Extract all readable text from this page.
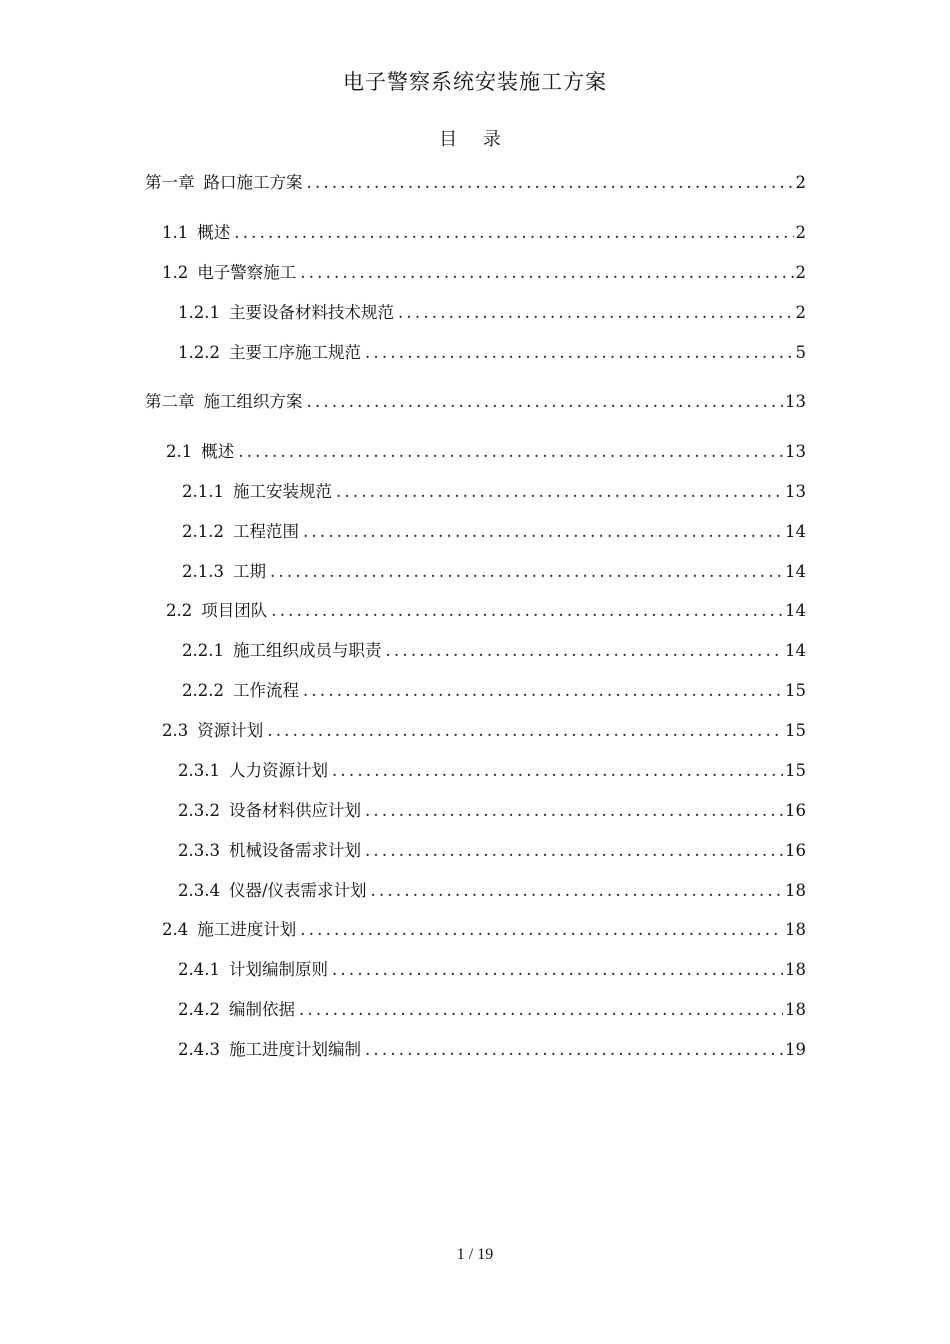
电子警察系统安装施工方案
目 录
第一章 路口施工方案 .....	2
1.1 概述 .....	2
1.2 电子警察施工 .....	2
1.2.1 主要设备材料技术规范 .....	2
1.2.2 主要工序施工规范 .....	5
第二章 施工组织方案 .....	13
2.1 概述 .....	13
2.1.1 施工安装规范 .....	13
2.1.2 工程范围 .....	14
2.1.3 工期 .....	14
2.2 项目团队 .....	14
2.2.1 施工组织成员与职责 .....	14
2.2.2 工作流程 .....	15
2.3 资源计划 .....	15
2.3.1 人力资源计划 .....	15
2.3.2 设备材料供应计划 .....	16
2.3.3 机械设备需求计划 .....	16
2.3.4 仪器/仪表需求计划 .....	18
2.4 施工进度计划 .....	18
2.4.1 计划编制原则 .....	18
2.4.2 编制依据 .....	18
2.4.3 施工进度计划编制 .....	19
1 / 19
